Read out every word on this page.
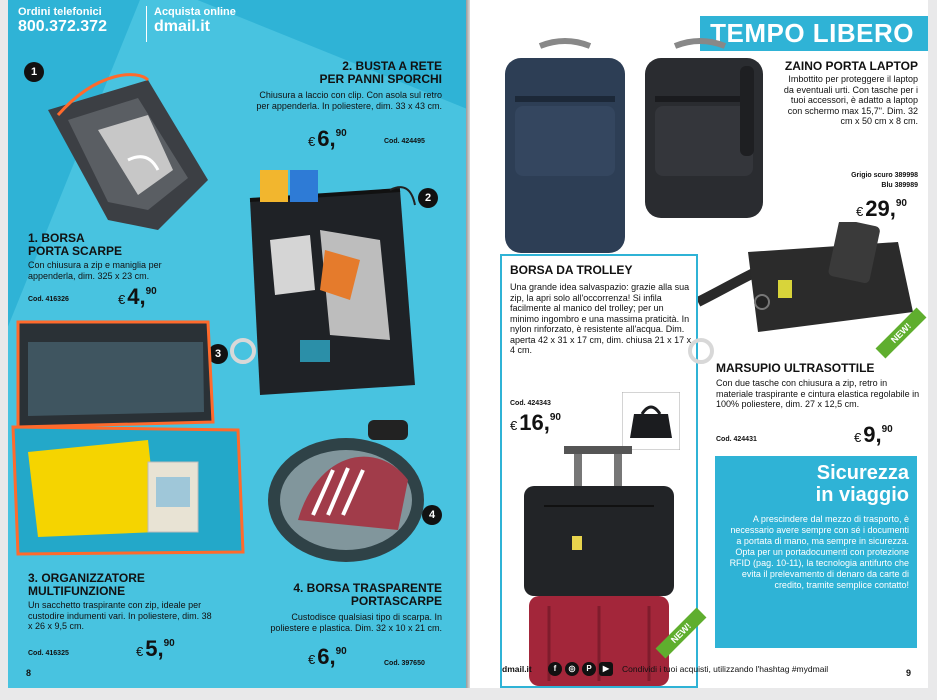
Ordini telefonici
800.372.372
Acquista online
dmail.it
1
1. BORSA
PORTA SCARPE
Con chiusura a zip e maniglia per appenderla, dim. 325 x 23 cm.
Cod. 416326	€4,90
2. BUSTA A RETE
PER PANNI SPORCHI
Chiusura a laccio con clip. Con asola sul retro per appenderla. In poliestere, dim. 33 x 43 cm.
€6,90
Cod. 424495
2
3
3. ORGANIZZATORE
MULTIFUNZIONE
Un sacchetto traspirante con zip, ideale per custodire indumenti vari. In poliestere, dim. 38 x 26 x 9,5 cm.
Cod. 416325	€5,90
4
4. BORSA TRASPARENTE
PORTASCARPE
Custodisce qualsiasi tipo di scarpa. In poliestere e plastica. Dim. 32 x 10 x 21 cm.
€6,90
Cod. 397650
8
TEMPO LIBERO
ZAINO PORTA LAPTOP
Imbottito per proteggere il laptop da eventuali urti. Con tasche per i tuoi accessori, è adatto a laptop con schermo max 15,7". Dim. 32 cm x 50 cm x 8 cm.
Grigio scuro 389998
Blu 389989
€29,90
BORSA DA TROLLEY
Una grande idea salvaspazio: grazie alla sua zip, la apri solo all'occorrenza! Si infila facilmente al manico del trolley; per un minimo ingombro e una massima praticità. In nylon rinforzato, è resistente all'acqua. Dim. aperta 42 x 31 x 17 cm, dim. chiusa 21 x 17 x 4 cm.
Cod. 424343
€16,90
NEW!
NEW!
MARSUPIO ULTRASOTTILE
Con due tasche con chiusura a zip, retro in materiale traspirante e cintura elastica regolabile in 100% poliestere, dim. 27 x 12,5 cm.
Cod. 424431	€9,90
Sicurezza
in viaggio
A prescindere dal mezzo di trasporto, è necessario avere sempre con sé i documenti a portata di mano, ma sempre in sicurezza. Opta per un portadocumenti con protezione RFID (pag. 10-11), la tecnologia antifurto che evita il prelevamento di denaro da carte di credito, tramite semplice contatto!
dmail.it	f	◎	P	▶	Condividi i tuoi acquisti, utilizzando l'hashtag #mydmail	9
